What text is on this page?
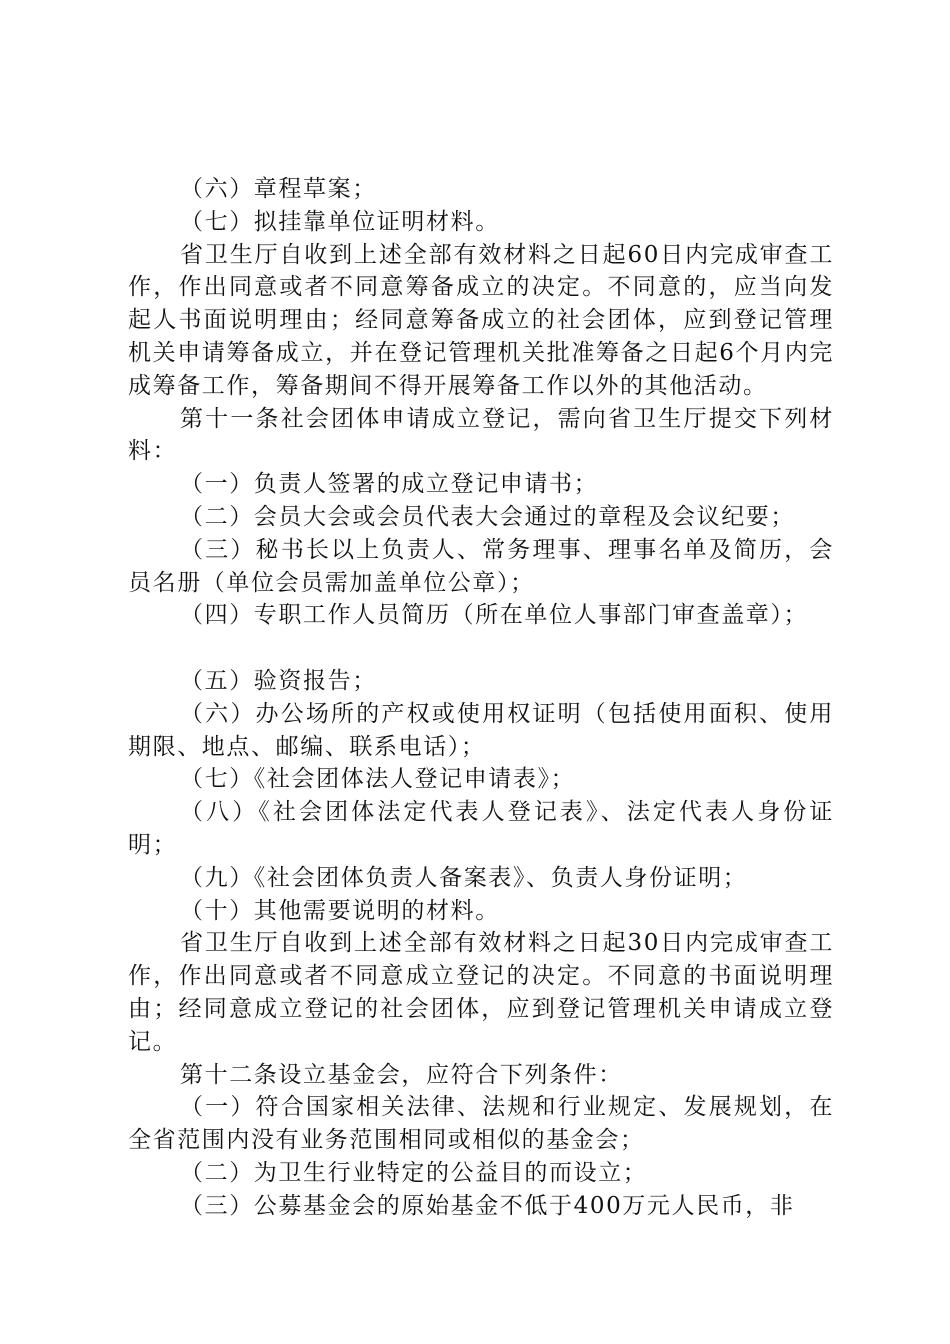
（六）章程草案；

（七）拟挂靠单位证明材料。

省卫生厅自收到上述全部有效材料之日起60日内完成审查工作，作出同意或者不同意筹备成立的决定。不同意的，应当向发起人书面说明理由；经同意筹备成立的社会团体，应到登记管理机关申请筹备成立，并在登记管理机关批准筹备之日起6个月内完成筹备工作，筹备期间不得开展筹备工作以外的其他活动。

第十一条社会团体申请成立登记，需向省卫生厅提交下列材料：

（一）负责人签署的成立登记申请书；

（二）会员大会或会员代表大会通过的章程及会议纪要；

（三）秘书长以上负责人、常务理事、理事名单及简历，会员名册（单位会员需加盖单位公章）；

（四）专职工作人员简历（所在单位人事部门审查盖章）；

（五）验资报告；

（六）办公场所的产权或使用权证明（包括使用面积、使用期限、地点、邮编、联系电话）；

（七）《社会团体法人登记申请表》；

（八）《社会团体法定代表人登记表》、法定代表人身份证明；

（九）《社会团体负责人备案表》、负责人身份证明；

（十）其他需要说明的材料。

省卫生厅自收到上述全部有效材料之日起30日内完成审查工作，作出同意或者不同意成立登记的决定。不同意的书面说明理由；经同意成立登记的社会团体，应到登记管理机关申请成立登记。

第十二条设立基金会，应符合下列条件：

（一）符合国家相关法律、法规和行业规定、发展规划，在全省范围内没有业务范围相同或相似的基金会；

（二）为卫生行业特定的公益目的而设立；

（三）公募基金会的原始基金不低于400万元人民币，非
